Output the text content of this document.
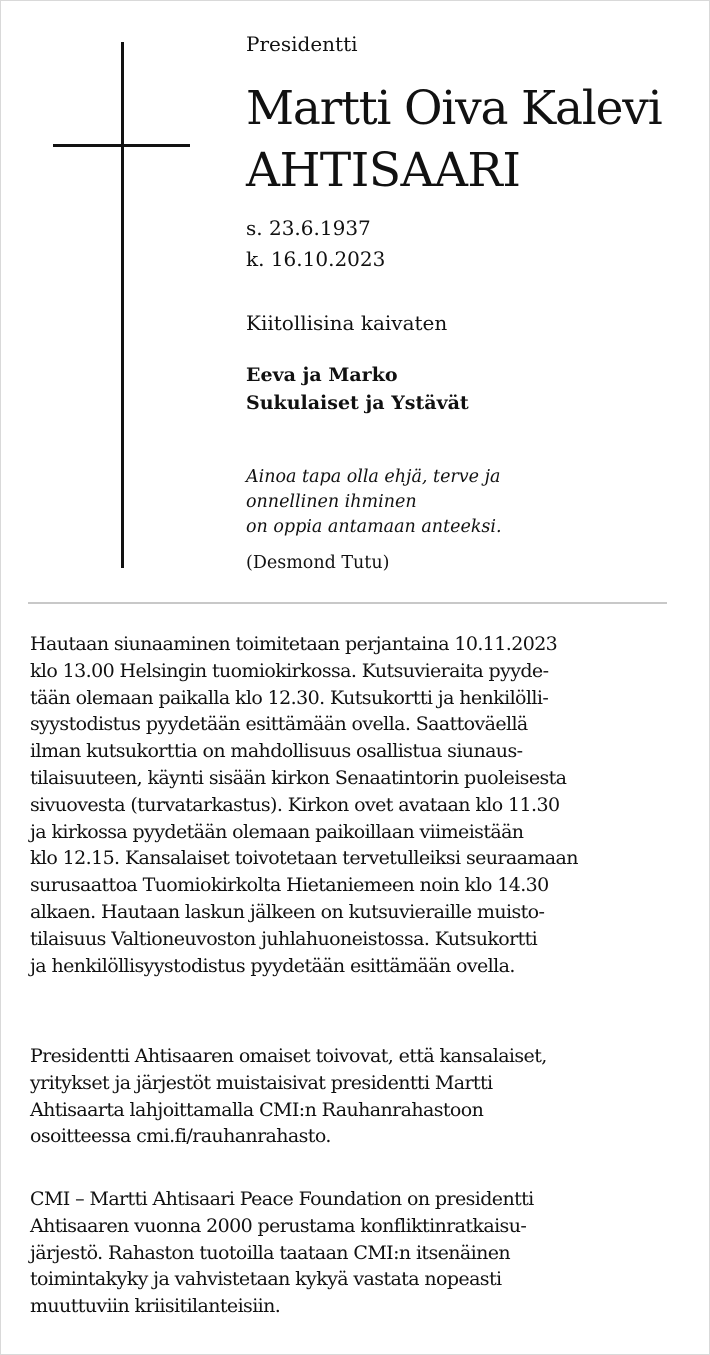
Presidentti
Martti Oiva Kalevi
AHTISAARI
s. 23.6.1937
k. 16.10.2023
Kiitollisina kaivaten
Eeva ja Marko
Sukulaiset ja Ystävät
Ainoa tapa olla ehjä, terve ja
onnellinen ihminen
on oppia antamaan anteeksi.
(Desmond Tutu)
Hautaan siunaaminen toimitetaan perjantaina 10.11.2023
klo 13.00 Helsingin tuomiokirkossa. Kutsuvieraita pyyde-
tään olemaan paikalla klo 12.30. Kutsukortti ja henkilölli-
syystodistus pyydetään esittämään ovella. Saattoväellä
ilman kutsukorttia on mahdollisuus osallistua siunaus-
tilaisuuteen, käynti sisään kirkon Senaatintorin puoleisesta
sivuovesta (turvatarkastus). Kirkon ovet avataan klo 11.30
ja kirkossa pyydetään olemaan paikoillaan viimeistään
klo 12.15. Kansalaiset toivotetaan tervetulleiksi seuraamaan
surusaattoa Tuomiokirkolta Hietaniemeen noin klo 14.30
alkaen. Hautaan laskun jälkeen on kutsuvieraille muisto-
tilaisuus Valtioneuvoston juhlahuoneistossa. Kutsukortti
ja henkilöllisyystodistus pyydetään esittämään ovella.
Presidentti Ahtisaaren omaiset toivovat, että kansalaiset,
yritykset ja järjestöt muistaisivat presidentti Martti
Ahtisaarta lahjoittamalla CMI:n Rauhanrahastoon
osoitteessa cmi.fi/rauhanrahasto.
CMI – Martti Ahtisaari Peace Foundation on presidentti
Ahtisaaren vuonna 2000 perustama konfliktinratkaisu-
järjestö. Rahaston tuotoilla taataan CMI:n itsenäinen
toimintakyky ja vahvistetaan kykyä vastata nopeasti
muuttuviin kriisitilanteisiin.
